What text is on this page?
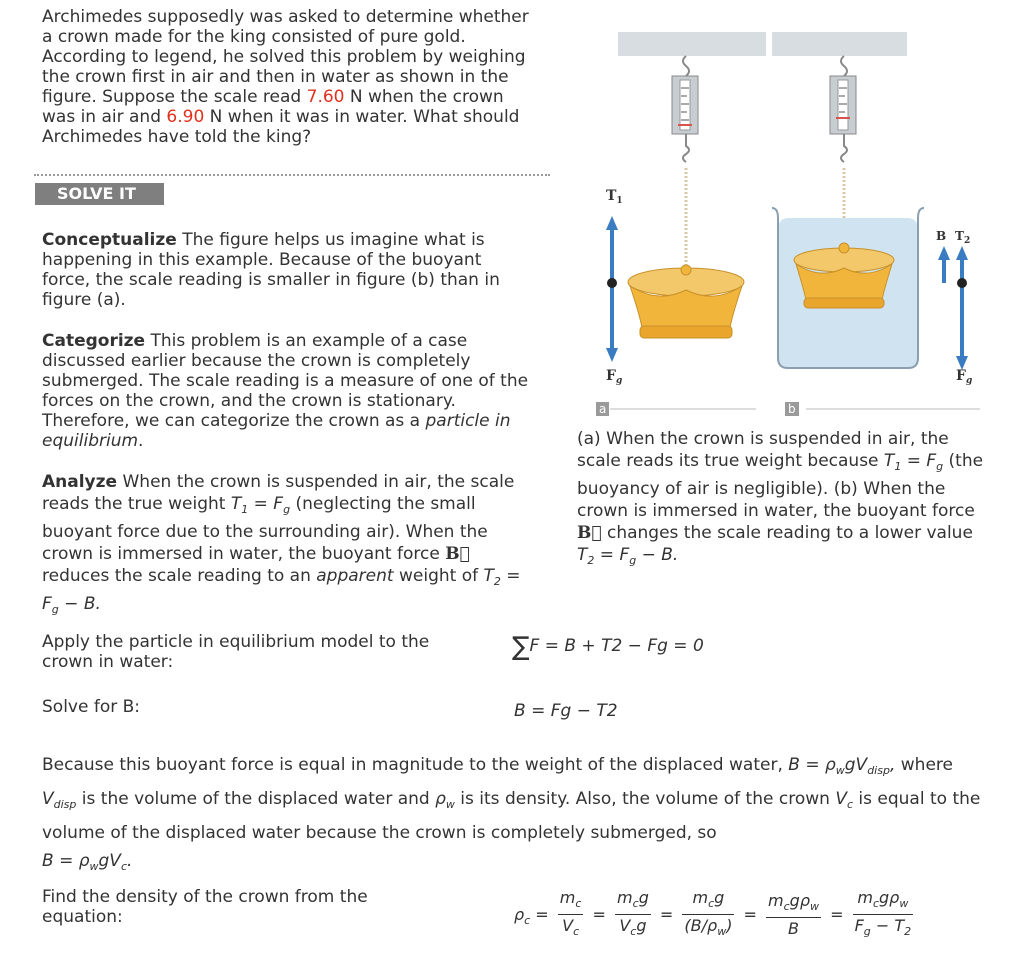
Archimedes supposedly was asked to determine whether a crown made for the king consisted of pure gold. According to legend, he solved this problem by weighing the crown first in air and then in water as shown in the figure. Suppose the scale read 7.60 N when the crown was in air and 6.90 N when it was in water. What should Archimedes have told the king?
SOLVE IT
Conceptualize The figure helps us imagine what is happening in this example. Because of the buoyant force, the scale reading is smaller in figure (b) than in figure (a).
Categorize This problem is an example of a case discussed earlier because the crown is completely submerged. The scale reading is a measure of one of the forces on the crown, and the crown is stationary. Therefore, we can categorize the crown as a particle in equilibrium.
Analyze When the crown is suspended in air, the scale reads the true weight $T_1 = F_g$ (neglecting the small buoyant force due to the surrounding air). When the crown is immersed in water, the buoyant force B⃗ reduces the scale reading to an apparent weight of $T_2 = F_g - B$.
$T_1$
$F_g$
B $T_2$
$F_g$
a	b
(a) When the crown is suspended in air, the scale reads its true weight because $T_1 = F_g$ (the buoyancy of air is negligible). (b) When the crown is immersed in water, the buoyant force B⃗ changes the scale reading to a lower value $T_2 = F_g - B$.
Apply the particle in equilibrium model to the crown in water:	∑F = B + T2 − Fg = 0
Solve for B:	B = Fg − T2
Because this buoyant force is equal in magnitude to the weight of the displaced water, $B = \rho_wgV_{disp}$, where $V_{disp}$ is the volume of the displaced water and $\rho_w$ is its density. Also, the volume of the crown $V_c$ is equal to the volume of the displaced water because the crown is completely submerged, so
$B = \rho_wgV_c$.
Find the density of the crown from the equation:	$\rho_c = \frac{m_c}{V_c} = \frac{m_cg}{V_cg} = \frac{m_cg}{(B/\rho_w)} = \frac{m_cg\rho_w}{B} = \frac{m_cg\rho_w}{F_g - T_2}$
